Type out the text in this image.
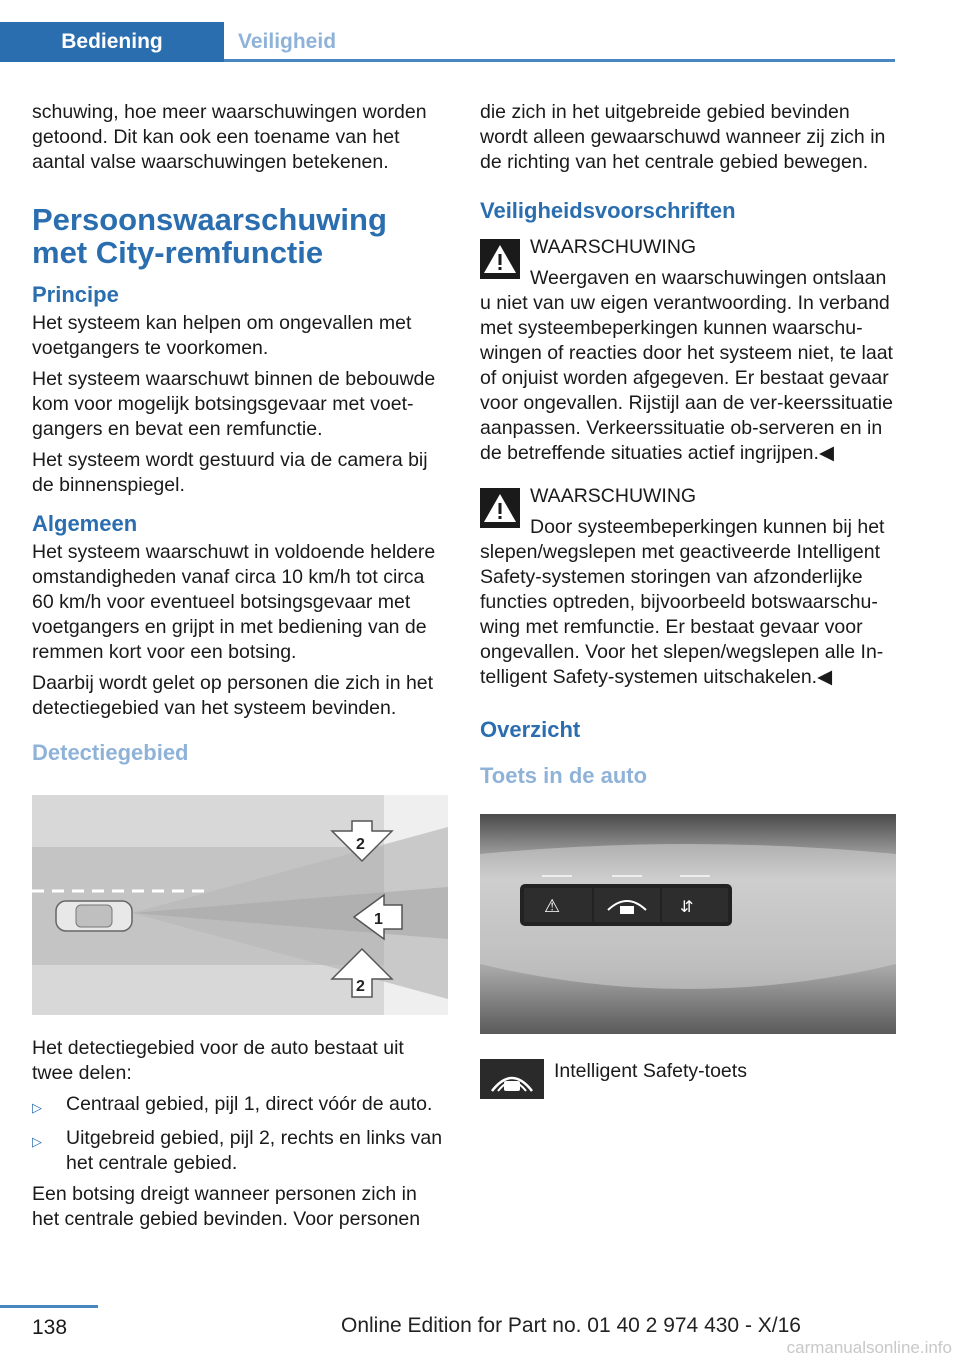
Bediening	Veiligheid

schuwing, hoe meer waarschuwingen worden getoond. Dit kan ook een toename van het aantal valse waarschuwingen betekenen.

Persoonswaarschuwing met City-remfunctie
Principe

Het systeem kan helpen om ongevallen met voetgangers te voorkomen.

Het systeem waarschuwt binnen de bebouwde kom voor mogelijk botsingsgevaar met voet-gangers en bevat een remfunctie.

Het systeem wordt gestuurd via de camera bij de binnenspiegel.

Algemeen

Het systeem waarschuwt in voldoende heldere omstandigheden vanaf circa 10 km/h tot circa 60 km/h voor eventueel botsingsgevaar met voetgangers en grijpt in met bediening van de remmen kort voor een botsing.

Daarbij wordt gelet op personen die zich in het detectiegebied van het systeem bevinden.

Detectiegebied
1
2
2

Het detectiegebied voor de auto bestaat uit twee delen:

▷	Centraal gebied, pijl 1, direct vóór de auto.
▷	Uitgebreid gebied, pijl 2, rechts en links van het centrale gebied.

Een botsing dreigt wanneer personen zich in het centrale gebied bevinden. Voor personen

die zich in het uitgebreide gebied bevinden wordt alleen gewaarschuwd wanneer zij zich in de richting van het centrale gebied bewegen.

Veiligheidsvoorschriften

WAARSCHUWING

Weergaven en waarschuwingen ontslaan

u niet van uw eigen verantwoording. In verband met systeembeperkingen kunnen waarschu-wingen of reacties door het systeem niet, te laat of onjuist worden afgegeven. Er bestaat gevaar voor ongevallen. Rijstijl aan de ver-keerssituatie aanpassen. Verkeerssituatie ob-serveren en in de betreffende situaties actief ingrijpen.◀

WAARSCHUWING

Door systeembeperkingen kunnen bij het

slepen/wegslepen met geactiveerde Intelligent Safety-systemen storingen van afzonderlijke functies optreden, bijvoorbeeld botswaarschu-wing met remfunctie. Er bestaat gevaar voor ongevallen. Voor het slepen/wegslepen alle In-telligent Safety-systemen uitschakelen.◀

Overzicht
Toets in de auto
⚠	⇵

Intelligent Safety-toets

138	Online Edition for Part no. 01 40 2 974 430 - X/16
carmanualsonline.info
